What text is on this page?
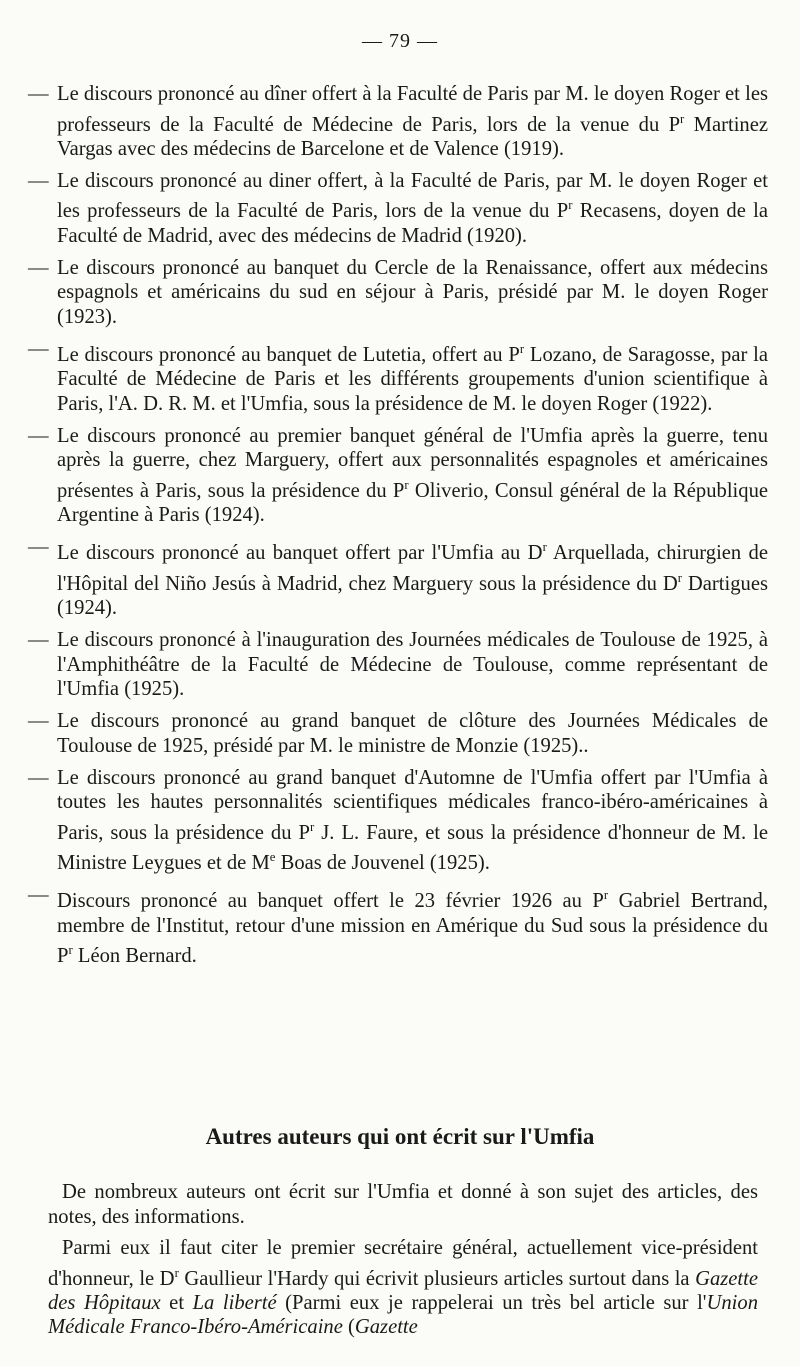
— 79 —
— Le discours prononcé au dîner offert à la Faculté de Paris par M. le doyen Roger et les professeurs de la Faculté de Médecine de Paris, lors de la venue du $P^r$ Martinez Vargas avec des médecins de Barcelone et de Valence (1919).
— Le discours prononcé au diner offert, à la Faculté de Paris, par M. le doyen Roger et les professeurs de la Faculté de Paris, lors de la venue du $P^r$ Recasens, doyen de la Faculté de Madrid, avec des médecins de Madrid (1920).
— Le discours prononcé au banquet du Cercle de la Renaissance, offert aux médecins espagnols et américains du sud en séjour à Paris, présidé par M. le doyen Roger (1923).
— Le discours prononcé au banquet de Lutetia, offert au $P^r$ Lozano, de Saragosse, par la Faculté de Médecine de Paris et les différents groupements d'union scientifique à Paris, l'A. D. R. M. et l'Umfia, sous la présidence de M. le doyen Roger (1922).
— Le discours prononcé au premier banquet général de l'Umfia après la guerre, tenu après la guerre, chez Marguery, offert aux personnalités espagnoles et américaines présentes à Paris, sous la présidence du $P^r$ Oliverio, Consul général de la République Argentine à Paris (1924).
— Le discours prononcé au banquet offert par l'Umfia au $D^r$ Arquellada, chirurgien de l'Hôpital del Niño Jesús à Madrid, chez Marguery sous la présidence du $D^r$ Dartigues (1924).
— Le discours prononcé à l'inauguration des Journées médicales de Toulouse de 1925, à l'Amphithéâtre de la Faculté de Médecine de Toulouse, comme représentant de l'Umfia (1925).
— Le discours prononcé au grand banquet de clôture des Journées Médicales de Toulouse de 1925, présidé par M. le ministre de Monzie (1925)..
— Le discours prononcé au grand banquet d'Automne de l'Umfia offert par l'Umfia à toutes les hautes personnalités scientifiques médicales franco-ibéro-américaines à Paris, sous la présidence du $P^r$ J. L. Faure, et sous la présidence d'honneur de M. le Ministre Leygues et de Me Boas de Jouvenel (1925).
— Discours prononcé au banquet offert le 23 février 1926 au $P^r$ Gabriel Bertrand, membre de l'Institut, retour d'une mission en Amérique du Sud sous la présidence du $P^r$ Léon Bernard.
Autres auteurs qui ont écrit sur l'Umfia
De nombreux auteurs ont écrit sur l'Umfia et donné à son sujet des articles, des notes, des informations.
Parmi eux il faut citer le premier secrétaire général, actuellement vice-président d'honneur, le $D^r$ Gaullieur l'Hardy qui écrivit plusieurs articles surtout dans la Gazette des Hôpitaux et La liberté (Parmi eux je rappelerai un très bel article sur l'Union Médicale Franco-Ibéro-Américaine (Gazette
